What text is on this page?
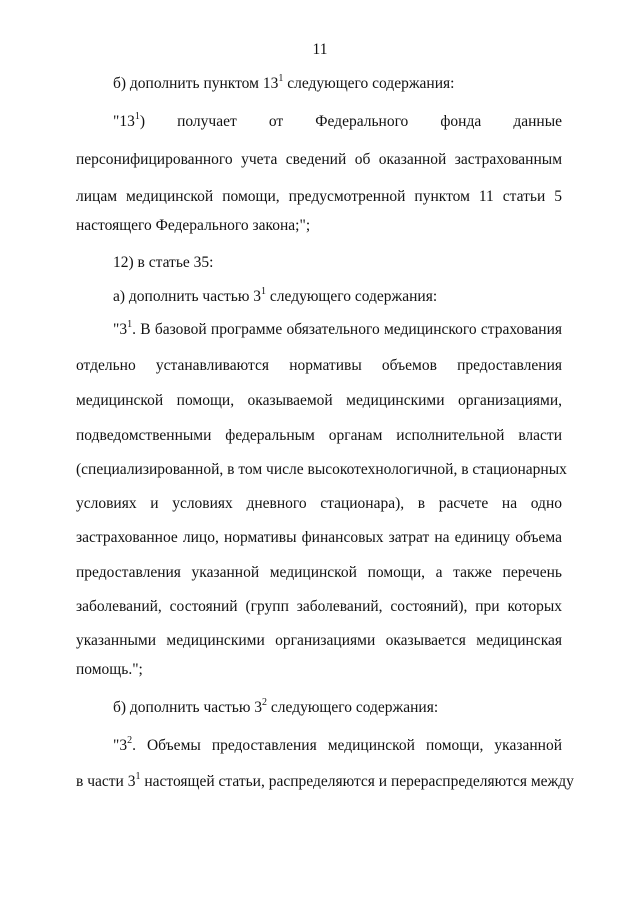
11
б) дополнить пунктом $13^1$ следующего содержания:
"$13^1$) получает от Федерального фонда данные
персонифицированного учета сведений об оказанной застрахованным
лицам медицинской помощи, предусмотренной пунктом 11 статьи 5
настоящего Федерального закона;";
12) в статье 35:
а) дополнить частью $3^1$ следующего содержания:
"$3^1$. В базовой программе обязательного медицинского страхования
отдельно устанавливаются нормативы объемов предоставления
медицинской помощи, оказываемой медицинскими организациями,
подведомственными федеральным органам исполнительной власти
(специализированной, в том числе высокотехнологичной, в стационарных
условиях и условиях дневного стационара), в расчете на одно
застрахованное лицо, нормативы финансовых затрат на единицу объема
предоставления указанной медицинской помощи, а также перечень
заболеваний, состояний (групп заболеваний, состояний), при которых
указанными медицинскими организациями оказывается медицинская
помощь.";
б) дополнить частью $3^2$ следующего содержания:
"$3^2$. Объемы предоставления медицинской помощи, указанной
в части $3^1$ настоящей статьи, распределяются и перераспределяются между
